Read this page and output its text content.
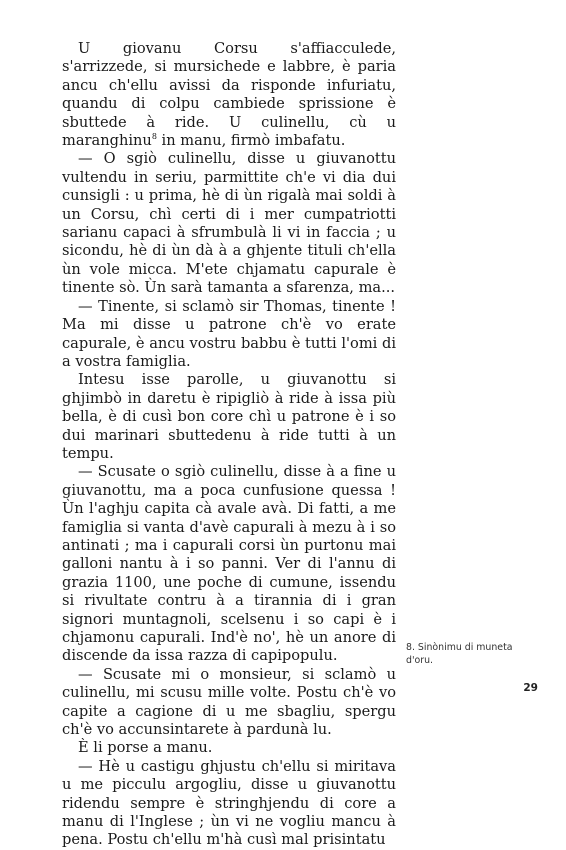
U giovanu Corsu s'affiacculede, s'arrizzede, si mursichede e labbre, è paria ancu ch'ellu avissi da risponde infuriatu, quandu di colpu cambiede sprissione è sbuttede à ride. U culinellu, cù u maranghinu$^8$ in manu, firmò imbafatu.

— O sgiò culinellu, disse u giuvanottu vultendu in seriu, parmittite ch'e vi dia dui cunsigli : u prima, hè di ùn rigalà mai soldi à un Corsu, chì certi di i mer cumpatriotti sarianu capaci à sfrumbulà li vi in faccia ; u sicondu, hè di ùn dà à a ghjente tituli ch'ella ùn vole micca. M'ete chjamatu capurale è tinente sò. Ùn sarà tamanta a sfarenza, ma...

— Tinente, si sclamò sir Thomas, tinente ! Ma mi disse u patrone ch'è vo erate capurale, è ancu vostru babbu è tutti l'omi di a vostra famiglia.

Intesu isse parolle, u giuvanottu si ghjimbò in daretu è ripigliò à ride à issa più bella, è di cusì bon core chì u patrone è i so dui marinari sbuttedenu à ride tutti à un tempu.

— Scusate o sgiò culinellu, disse à a fine u giuvanottu, ma a poca cunfusione quessa ! Ùn l'aghju capita cà avale avà. Di fatti, a me famiglia si vanta d'avè capurali à mezu à i so antinati ; ma i capurali corsi ùn purtonu mai galloni nantu à i so panni. Ver di l'annu di grazia 1100, une poche di cumune, issendu si rivultate contru à a tirannia di i gran signori muntagnoli, scelsenu i so capi è i chjamonu capurali. Ind'è no', hè un anore di discende da issa razza di capipopulu.

— Scusate mi o monsieur, si sclamò u culinellu, mi scusu mille volte. Postu ch'è vo capite a cagione di u me sbagliu, spergu ch'è vo accunsintarete à pardunà lu.

È li porse a manu.

— Hè u castigu ghjustu ch'ellu si miritava u me picculu argogliu, disse u giuvanottu ridendu sempre è stringhjendu di core a manu di l'Inglese ; ùn vi ne vogliu mancu à pena. Postu ch'ellu m'hà cusì mal prisintatu

8. Sinònimu di muneta d'oru.
29
